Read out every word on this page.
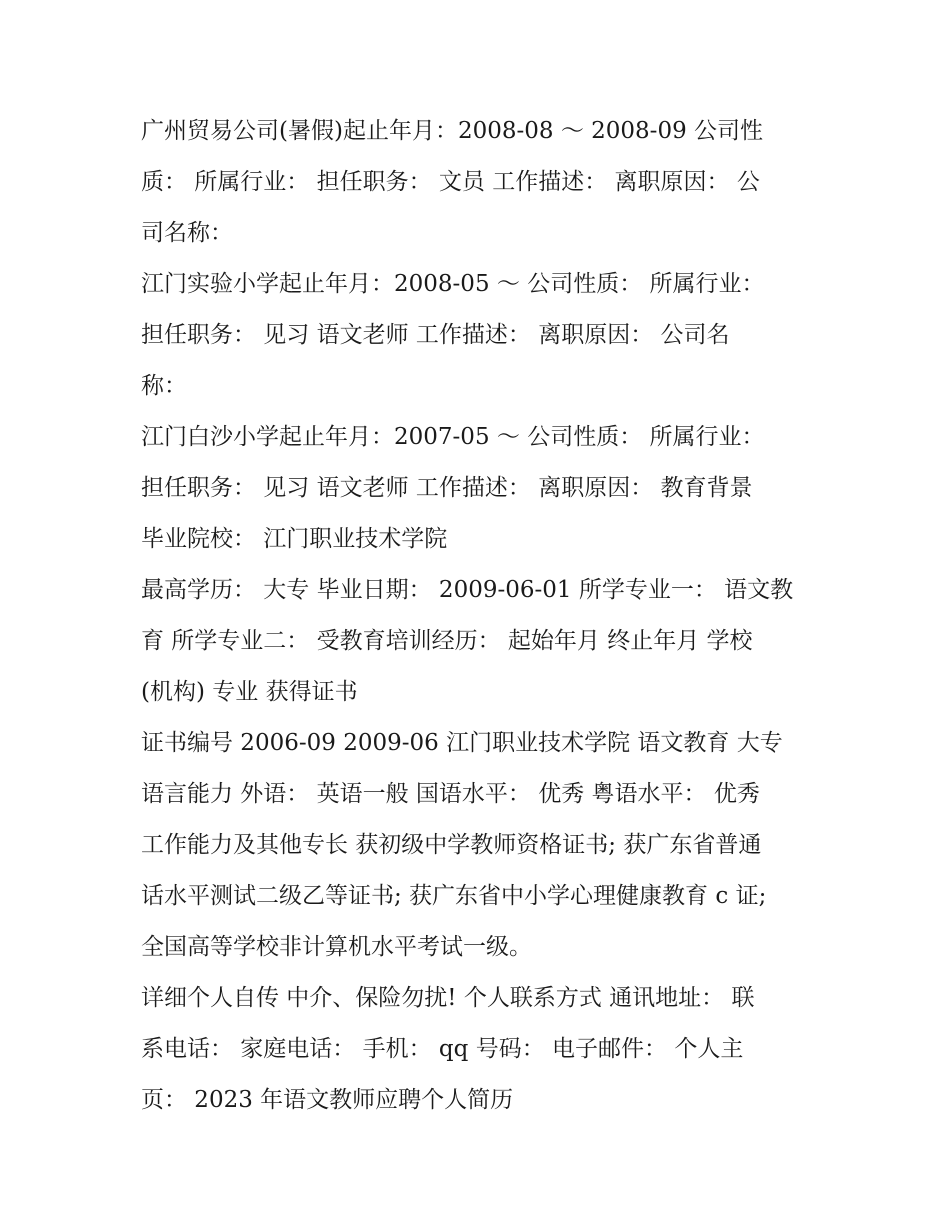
广州贸易公司(暑假)起止年月：2008-08 ～ 2008-09 公司性
质： 所属行业： 担任职务： 文员 工作描述： 离职原因： 公
司名称：
江门实验小学起止年月：2008-05 ～ 公司性质： 所属行业：
担任职务： 见习 语文老师 工作描述： 离职原因： 公司名
称：
江门白沙小学起止年月：2007-05 ～ 公司性质： 所属行业：
担任职务： 见习 语文老师 工作描述： 离职原因： 教育背景
毕业院校： 江门职业技术学院
最高学历： 大专 毕业日期： 2009-06-01 所学专业一： 语文教
育 所学专业二： 受教育培训经历： 起始年月 终止年月 学校
(机构) 专业 获得证书
证书编号 2006-09 2009-06 江门职业技术学院 语文教育 大专
语言能力 外语： 英语一般 国语水平： 优秀 粤语水平： 优秀
工作能力及其他专长 获初级中学教师资格证书; 获广东省普通
话水平测试二级乙等证书; 获广东省中小学心理健康教育 c 证;
全国高等学校非计算机水平考试一级。
详细个人自传 中介、保险勿扰! 个人联系方式 通讯地址： 联
系电话： 家庭电话： 手机： qq 号码： 电子邮件： 个人主
页： 2023 年语文教师应聘个人简历
